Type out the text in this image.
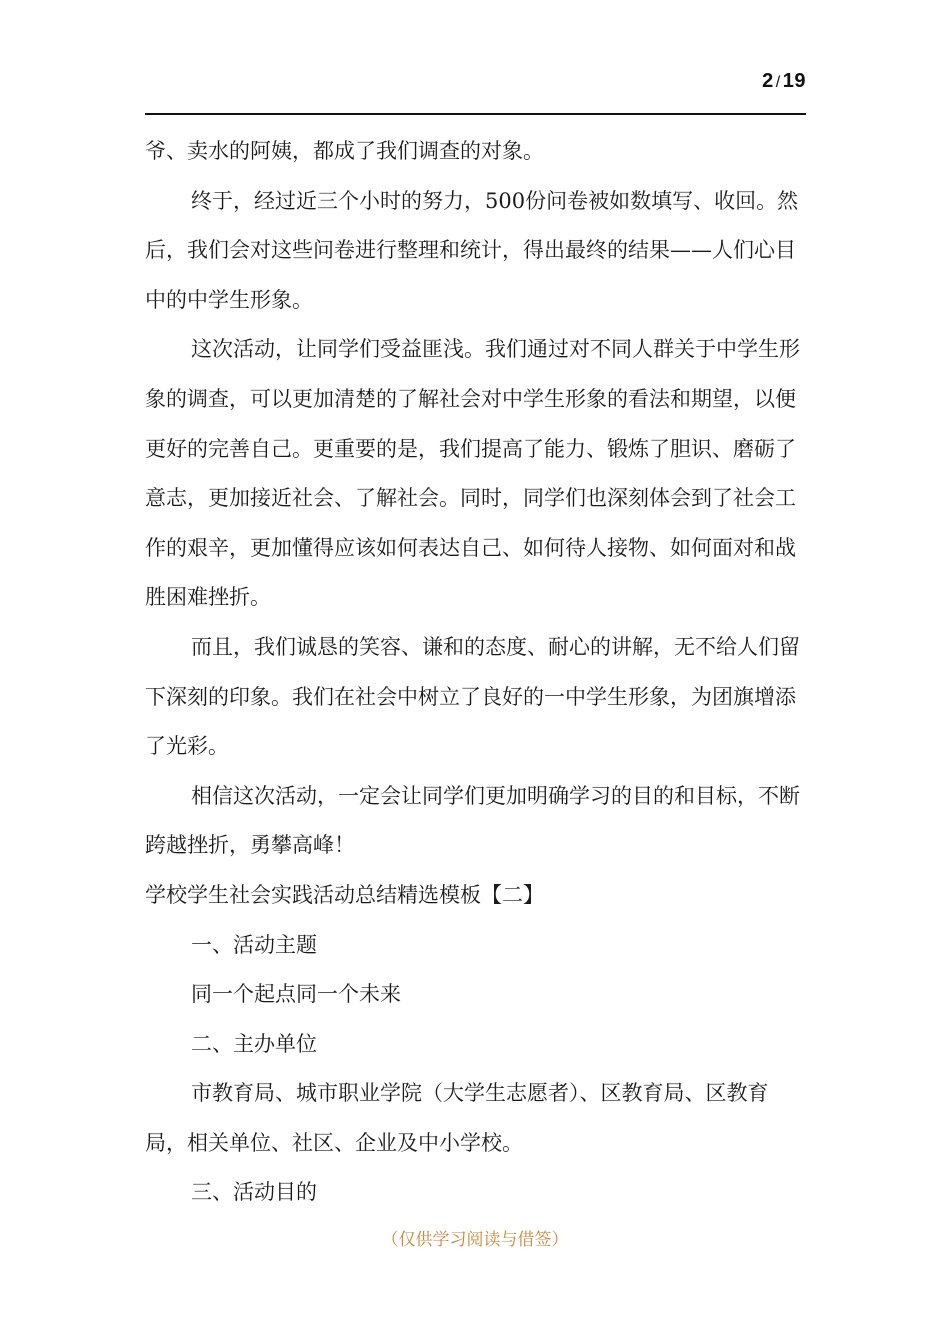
2 / 19

爷、卖水的阿姨，都成了我们调查的对象。

终于，经过近三个小时的努力，500份问卷被如数填写、收回。然后，我们会对这些问卷进行整理和统计，得出最终的结果——人们心目中的中学生形象。

这次活动，让同学们受益匪浅。我们通过对不同人群关于中学生形象的调查，可以更加清楚的了解社会对中学生形象的看法和期望，以便更好的完善自己。更重要的是，我们提高了能力、锻炼了胆识、磨砺了意志，更加接近社会、了解社会。同时，同学们也深刻体会到了社会工作的艰辛，更加懂得应该如何表达自己、如何待人接物、如何面对和战胜困难挫折。

而且，我们诚恳的笑容、谦和的态度、耐心的讲解，无不给人们留下深刻的印象。我们在社会中树立了良好的一中学生形象，为团旗增添了光彩。

相信这次活动，一定会让同学们更加明确学习的目的和目标，不断跨越挫折，勇攀高峰！

学校学生社会实践活动总结精选模板【二】

一、活动主题

同一个起点同一个未来

二、主办单位

市教育局、城市职业学院（大学生志愿者）、区教育局、区教育局，相关单位、社区、企业及中小学校。

三、活动目的

（仅供学习阅读与借签）
